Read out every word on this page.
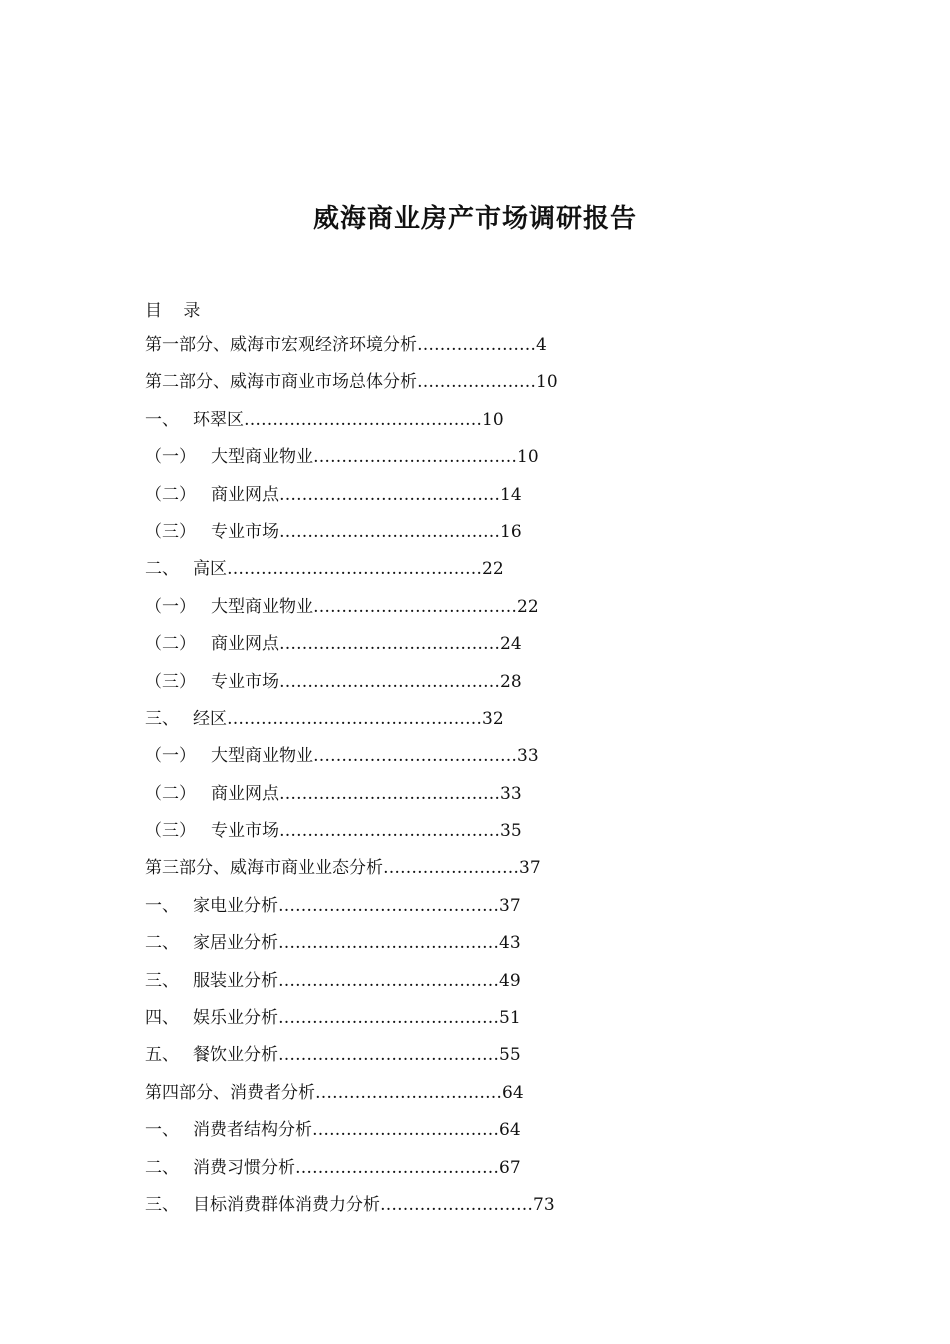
威海商业房产市场调研报告
目 录
第一部分、威海市宏观经济环境分析…………………4
第二部分、威海市商业市场总体分析…………………10
一、 环翠区……………………………………10
（一） 大型商业物业………………………………10
（二） 商业网点…………………………………14
（三） 专业市场…………………………………16
二、 高区………………………………………22
（一） 大型商业物业………………………………22
（二） 商业网点…………………………………24
（三） 专业市场…………………………………28
三、 经区………………………………………32
（一） 大型商业物业………………………………33
（二） 商业网点…………………………………33
（三） 专业市场…………………………………35
第三部分、威海市商业业态分析……………………37
一、 家电业分析…………………………………37
二、 家居业分析…………………………………43
三、 服装业分析…………………………………49
四、 娱乐业分析…………………………………51
五、 餐饮业分析…………………………………55
第四部分、消费者分析……………………………64
一、 消费者结构分析……………………………64
二、 消费习惯分析………………………………67
三、 目标消费群体消费力分析………………………73
